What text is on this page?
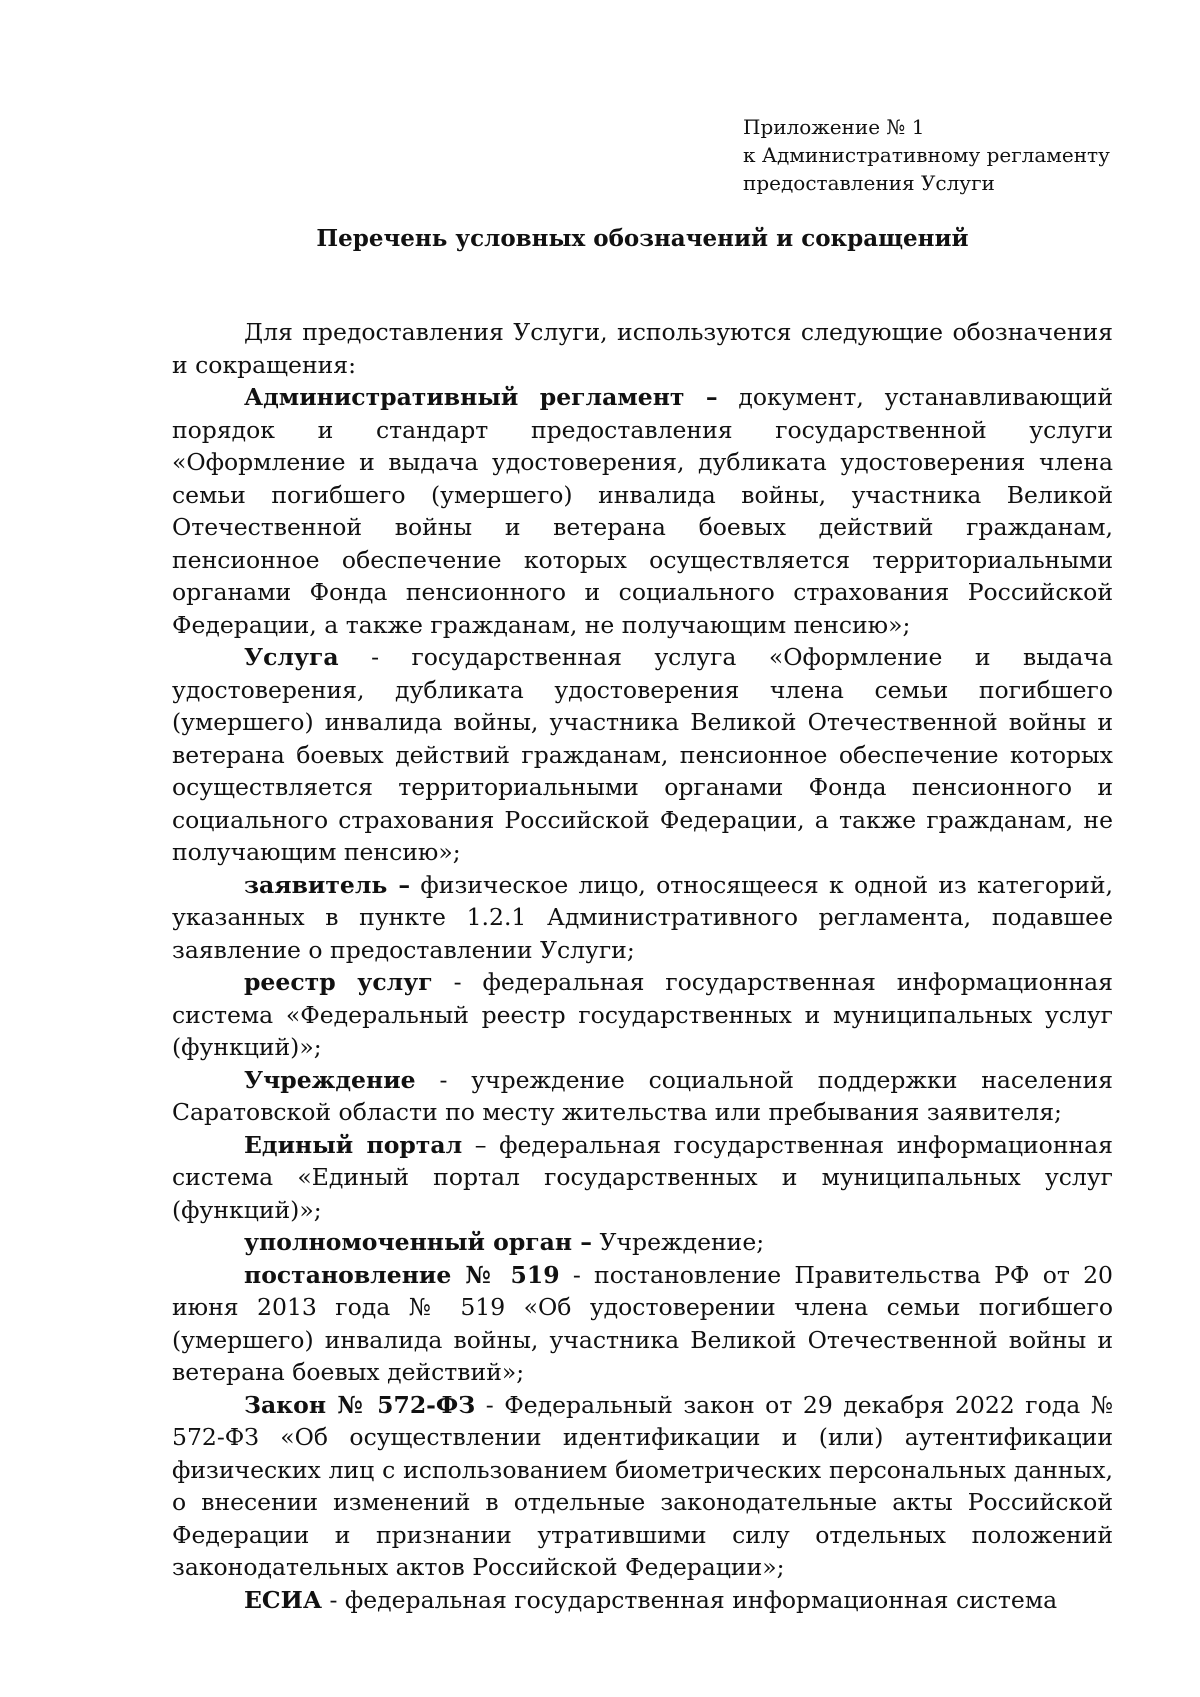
Приложение № 1
к Административному регламенту
предоставления Услуги
Перечень условных обозначений и сокращений

Для предоставления Услуги, используются следующие обозначения и сокращения:

Административный регламент – документ, устанавливающий порядок и стандарт предоставления государственной услуги «Оформление и выдача удостоверения, дубликата удостоверения члена семьи погибшего (умершего) инвалида войны, участника Великой Отечественной войны и ветерана боевых действий гражданам, пенсионное обеспечение которых осуществляется территориальными органами Фонда пенсионного и социального страхования Российской Федерации, а также гражданам, не получающим пенсию»;

Услуга - государственная услуга «Оформление и выдача удостоверения, дубликата удостоверения члена семьи погибшего (умершего) инвалида войны, участника Великой Отечественной войны и ветерана боевых действий гражданам, пенсионное обеспечение которых осуществляется территориальными органами Фонда пенсионного и социального страхования Российской Федерации, а также гражданам, не получающим пенсию»;

заявитель – физическое лицо, относящееся к одной из категорий, указанных в пункте 1.2.1 Административного регламента, подавшее заявление о предоставлении Услуги;

реестр услуг - федеральная государственная информационная система «Федеральный реестр государственных и муниципальных услуг (функций)»;

Учреждение - учреждение социальной поддержки населения Саратовской области по месту жительства или пребывания заявителя;

Единый портал – федеральная государственная информационная система «Единый портал государственных и муниципальных услуг (функций)»;

уполномоченный орган – Учреждение;

постановление № 519 - постановление Правительства РФ от 20 июня 2013 года № 519 «Об удостоверении члена семьи погибшего (умершего) инвалида войны, участника Великой Отечественной войны и ветерана боевых действий»;

Закон № 572-ФЗ - Федеральный закон от 29 декабря 2022 года № 572-ФЗ «Об осуществлении идентификации и (или) аутентификации физических лиц с использованием биометрических персональных данных, о внесении изменений в отдельные законодательные акты Российской Федерации и признании утратившими силу отдельных положений законодательных актов Российской Федерации»;

ЕСИА - федеральная государственная информационная система
